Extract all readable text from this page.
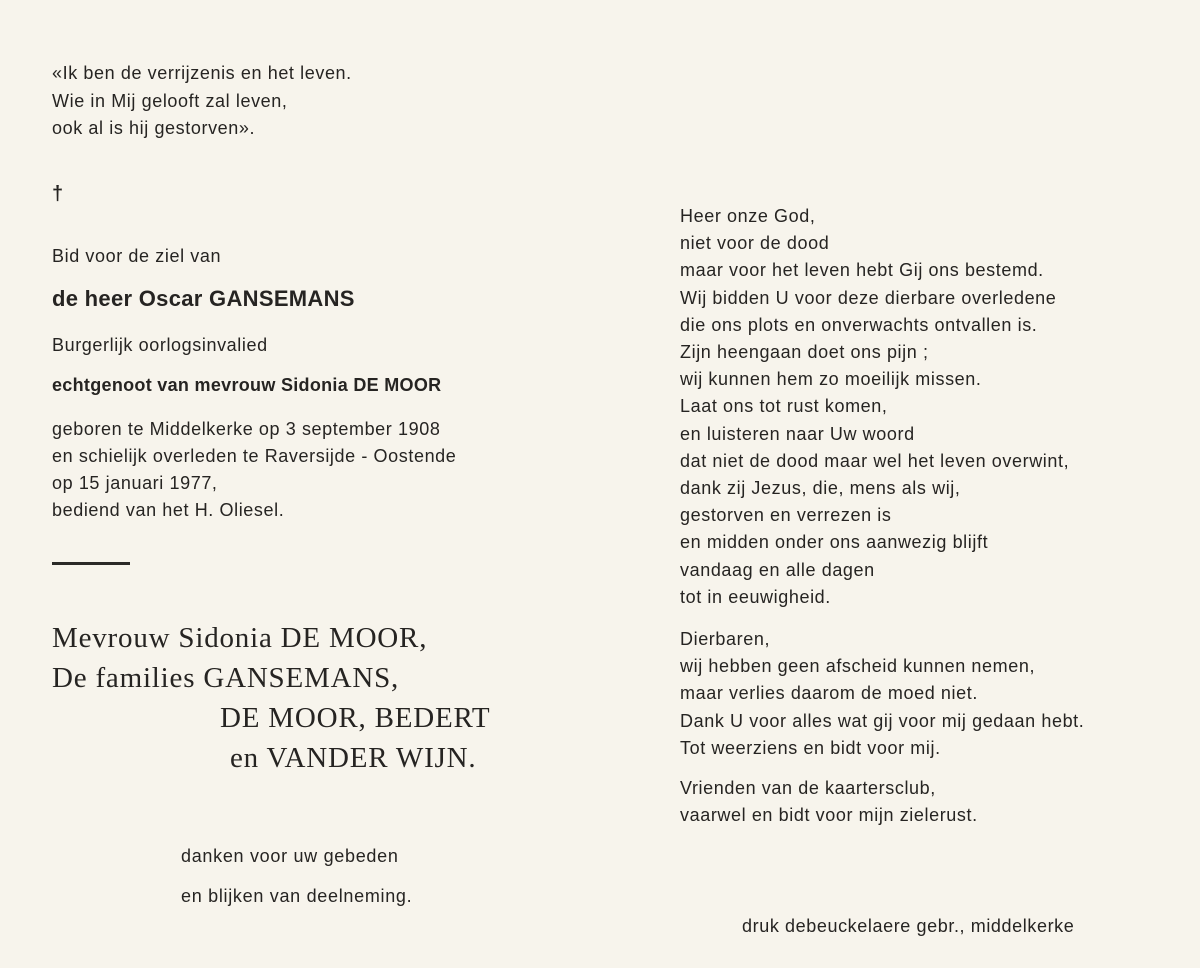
«Ik ben de verrijzenis en het leven.
Wie in Mij gelooft zal leven,
ook al is hij gestorven».
†
Bid voor de ziel van
de heer Oscar GANSEMANS
Burgerlijk oorlogsinvalied
echtgenoot van mevrouw Sidonia DE MOOR
geboren te Middelkerke op 3 september 1908
en schielijk overleden te Raversijde - Oostende
op 15 januari 1977,
bediend van het H. Oliesel.
Mevrouw Sidonia DE MOOR,
De families GANSEMANS,
DE MOOR, BEDERT
en VANDER WIJN.
danken voor uw gebeden
en blijken van deelneming.
Heer onze God,
niet voor de dood
maar voor het leven hebt Gij ons bestemd.
Wij bidden U voor deze dierbare overledene
die ons plots en onverwachts ontvallen is.
Zijn heengaan doet ons pijn ;
wij kunnen hem zo moeilijk missen.
Laat ons tot rust komen,
en luisteren naar Uw woord
dat niet de dood maar wel het leven overwint,
dank zij Jezus, die, mens als wij,
gestorven en verrezen is
en midden onder ons aanwezig blijft
vandaag en alle dagen
tot in eeuwigheid.
Dierbaren,
wij hebben geen afscheid kunnen nemen,
maar verlies daarom de moed niet.
Dank U voor alles wat gij voor mij gedaan hebt.
Tot weerziens en bidt voor mij.
Vrienden van de kaartersclub,
vaarwel en bidt voor mijn zielerust.
druk debeuckelaere gebr., middelkerke
